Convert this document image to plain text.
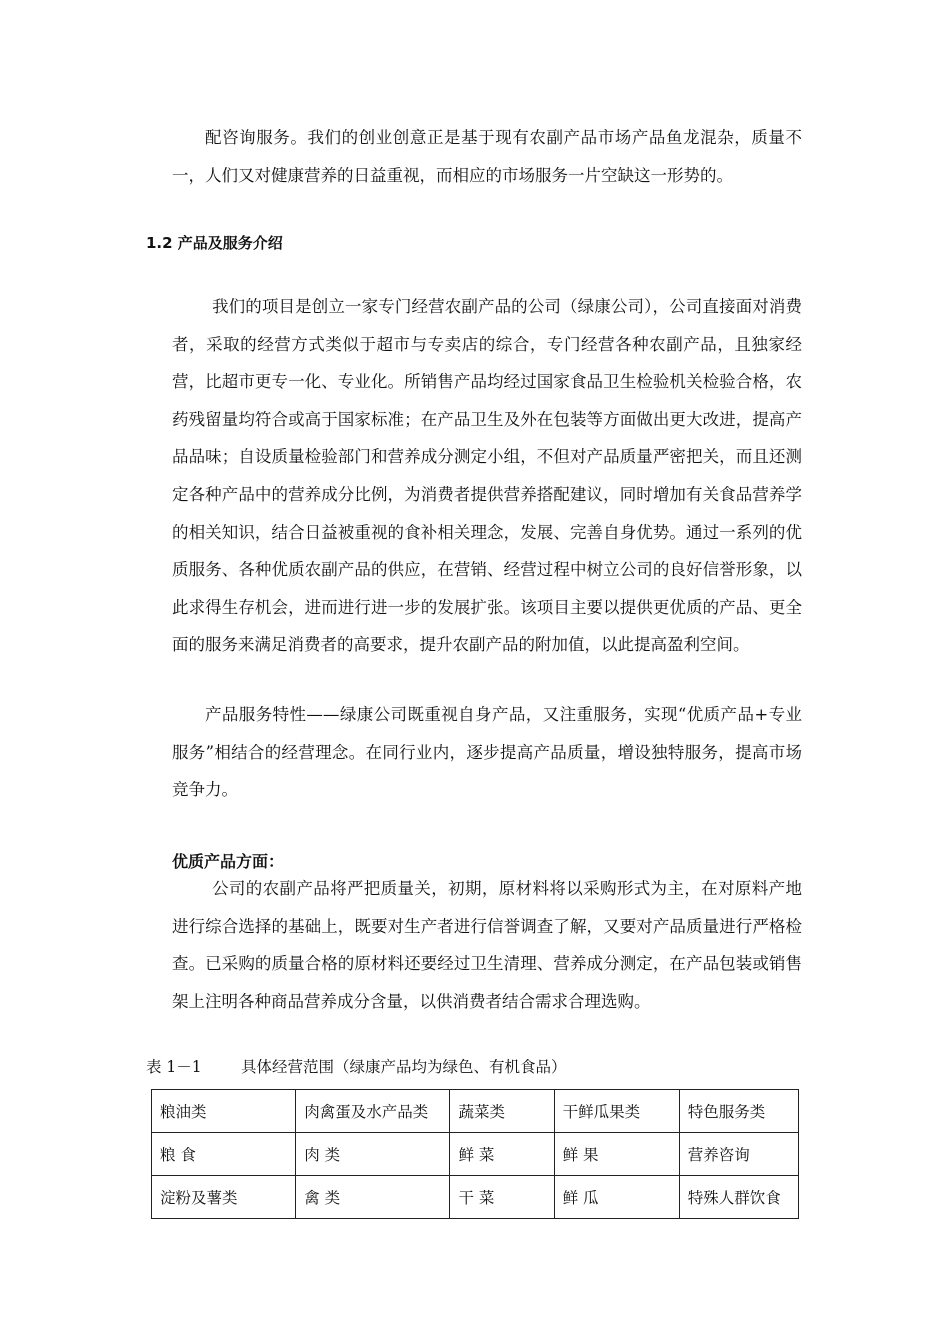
配咨询服务。我们的创业创意正是基于现有农副产品市场产品鱼龙混杂，质量不一，人们又对健康营养的日益重视，而相应的市场服务一片空缺这一形势的。

1.2 产品及服务介绍

我们的项目是创立一家专门经营农副产品的公司（绿康公司），公司直接面对消费者，采取的经营方式类似于超市与专卖店的综合，专门经营各种农副产品，且独家经营，比超市更专一化、专业化。所销售产品均经过国家食品卫生检验机关检验合格，农药残留量均符合或高于国家标准；在产品卫生及外在包装等方面做出更大改进，提高产品品味；自设质量检验部门和营养成分测定小组，不但对产品质量严密把关，而且还测定各种产品中的营养成分比例，为消费者提供营养搭配建议，同时增加有关食品营养学的相关知识，结合日益被重视的食补相关理念，发展、完善自身优势。通过一系列的优质服务、各种优质农副产品的供应，在营销、经营过程中树立公司的良好信誉形象，以此求得生存机会，进而进行进一步的发展扩张。该项目主要以提供更优质的产品、更全面的服务来满足消费者的高要求，提升农副产品的附加值，以此提高盈利空间。

产品服务特性——绿康公司既重视自身产品，又注重服务，实现“优质产品+专业服务”相结合的经营理念。在同行业内，逐步提高产品质量，增设独特服务，提高市场竞争力。

优质产品方面：

公司的农副产品将严把质量关，初期，原材料将以采购形式为主，在对原料产地进行综合选择的基础上，既要对生产者进行信誉调查了解，又要对产品质量进行严格检查。已采购的质量合格的原材料还要经过卫生清理、营养成分测定，在产品包装或销售架上注明各种商品营养成分含量，以供消费者结合需求合理选购。

表 1－1	具体经营范围（绿康产品均为绿色、有机食品）

粮油类	肉禽蛋及水产品类	蔬菜类	干鲜瓜果类	特色服务类
粮 食	肉 类	鲜 菜	鲜 果	营养咨询
淀粉及薯类	禽 类	干 菜	鲜 瓜	特殊人群饮食
